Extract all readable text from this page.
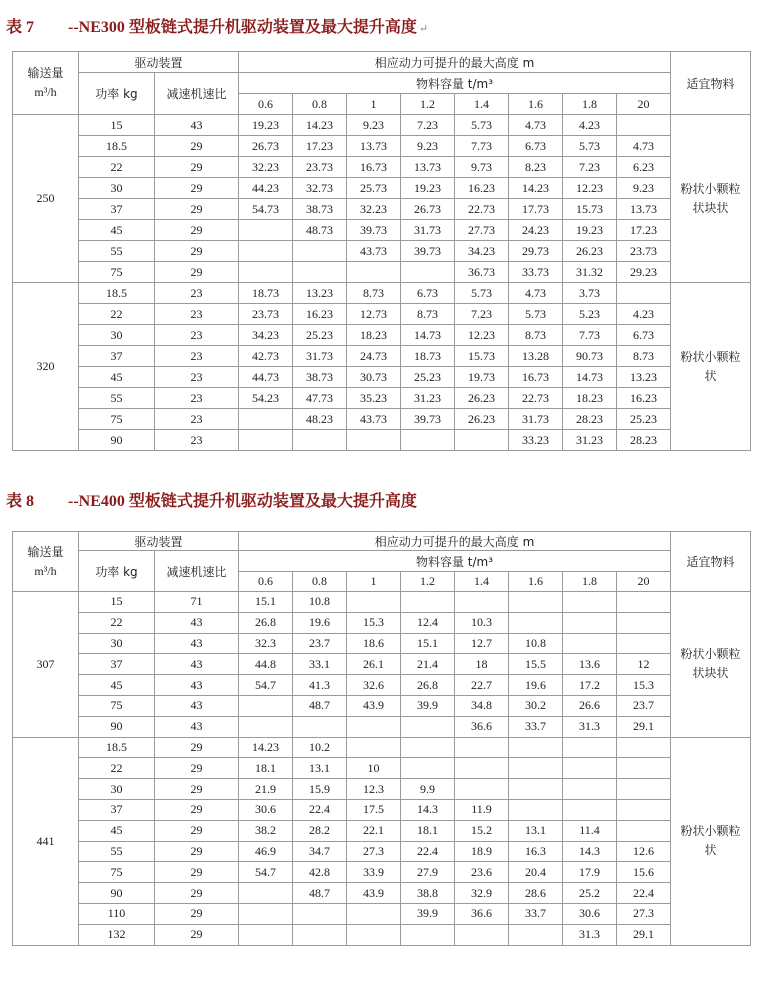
表 7 --NE300 型板链式提升机驱动装置及最大提升高度 ↵
输送量
m³/h	驱动装置		相应动力可提升的最大高度 m								适宜物料
	功率 kg	减速机速比	物料容量 t/m³								
			0.6	0.8	1	1.2	1.4	1.6	1.8	20	
250	15	43	19.23	14.23	9.23	7.23	5.73	4.73	4.23		粉状小颗粒状块状
	18.5	29	26.73	17.23	13.73	9.23	7.73	6.73	5.73	4.73	
	22	29	32.23	23.73	16.73	13.73	9.73	8.23	7.23	6.23	
	30	29	44.23	32.73	25.73	19.23	16.23	14.23	12.23	9.23	
	37	29	54.73	38.73	32.23	26.73	22.73	17.73	15.73	13.73	
	45	29		48.73	39.73	31.73	27.73	24.23	19.23	17.23	
	55	29			43.73	39.73	34.23	29.73	26.23	23.73	
	75	29					36.73	33.73	31.32	29.23	
320	18.5	23	18.73	13.23	8.73	6.73	5.73	4.73	3.73		粉状小颗粒状
	22	23	23.73	16.23	12.73	8.73	7.23	5.73	5.23	4.23	
	30	23	34.23	25.23	18.23	14.73	12.23	8.73	7.73	6.73	
	37	23	42.73	31.73	24.73	18.73	15.73	13.28	90.73	8.73	
	45	23	44.73	38.73	30.73	25.23	19.73	16.73	14.73	13.23	
	55	23	54.23	47.73	35.23	31.23	26.23	22.73	18.23	16.23	
	75	23		48.23	43.73	39.73	26.23	31.73	28.23	25.23	
	90	23						33.23	31.23	28.23	
表 8 --NE400 型板链式提升机驱动装置及最大提升高度
输送量
m³/h	驱动装置		相应动力可提升的最大高度 m								适宜物料
	功率 kg	减速机速比	物料容量 t/m³								
			0.6	0.8	1	1.2	1.4	1.6	1.8	20	
307	15	71	15.1	10.8							粉状小颗粒状块状
	22	43	26.8	19.6	15.3	12.4	10.3				
	30	43	32.3	23.7	18.6	15.1	12.7	10.8			
	37	43	44.8	33.1	26.1	21.4	18	15.5	13.6	12	
	45	43	54.7	41.3	32.6	26.8	22.7	19.6	17.2	15.3	
	75	43		48.7	43.9	39.9	34.8	30.2	26.6	23.7	
	90	43					36.6	33.7	31.3	29.1	
441	18.5	29	14.23	10.2							粉状小颗粒状
	22	29	18.1	13.1	10						
	30	29	21.9	15.9	12.3	9.9					
	37	29	30.6	22.4	17.5	14.3	11.9				
	45	29	38.2	28.2	22.1	18.1	15.2	13.1	11.4		
	55	29	46.9	34.7	27.3	22.4	18.9	16.3	14.3	12.6	
	75	29	54.7	42.8	33.9	27.9	23.6	20.4	17.9	15.6	
	90	29		48.7	43.9	38.8	32.9	28.6	25.2	22.4	
	110	29				39.9	36.6	33.7	30.6	27.3	
	132	29							31.3	29.1	
